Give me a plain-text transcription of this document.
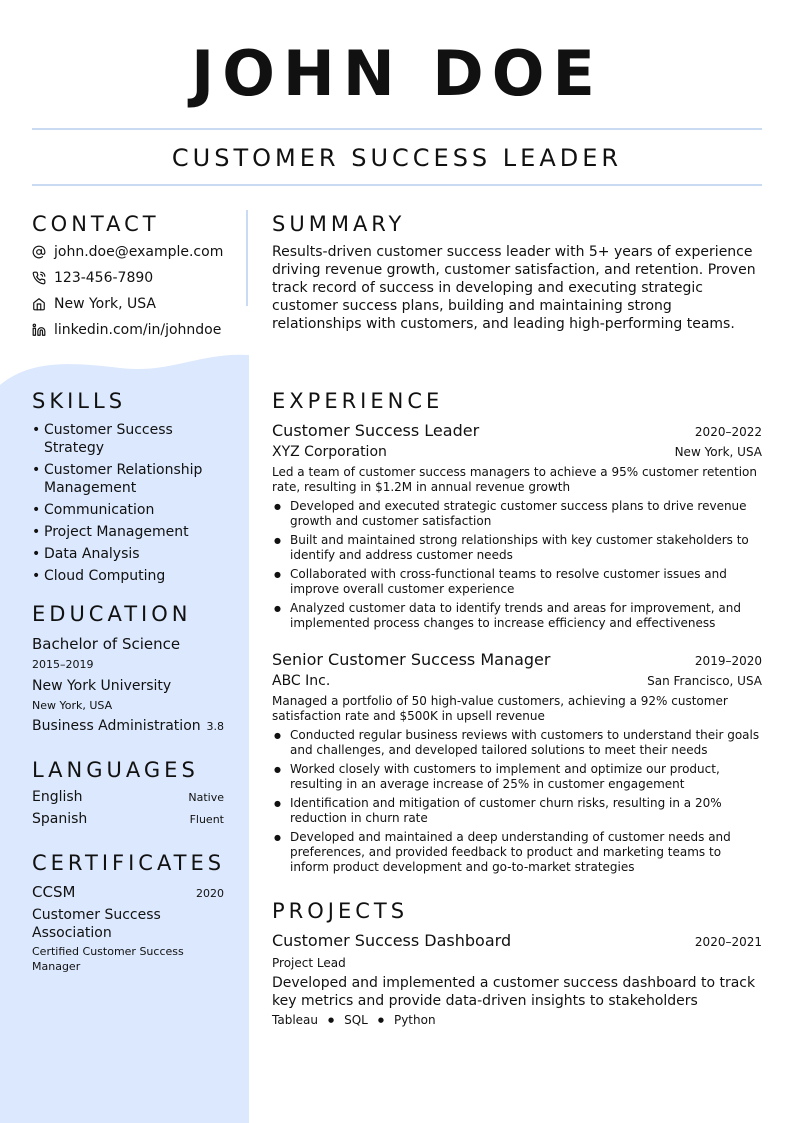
JOHN DOE
CUSTOMER SUCCESS LEADER
CONTACT
john.doe@example.com
123-456-7890
New York, USA
linkedin.com/in/johndoe
SKILLS
• Customer Success Strategy
• Customer Relationship Management
• Communication
• Project Management
• Data Analysis
• Cloud Computing
EDUCATION
Bachelor of Science
2015–2019
New York University
New York, USA
Business Administration 3.8
LANGUAGES
English	Native
Spanish	Fluent
CERTIFICATES
CCSM	2020
Customer Success Association
Certified Customer Success Manager
SUMMARY
Results-driven customer success leader with 5+ years of experience driving revenue growth, customer satisfaction, and retention. Proven track record of success in developing and executing strategic customer success plans, building and maintaining strong relationships with customers, and leading high-performing teams.
EXPERIENCE
Customer Success Leader	2020–2022
XYZ Corporation	New York, USA
Led a team of customer success managers to achieve a 95% customer retention rate, resulting in $1.2M in annual revenue growth
● Developed and executed strategic customer success plans to drive revenue growth and customer satisfaction
● Built and maintained strong relationships with key customer stakeholders to identify and address customer needs
● Collaborated with cross-functional teams to resolve customer issues and improve overall customer experience
● Analyzed customer data to identify trends and areas for improvement, and implemented process changes to increase efficiency and effectiveness
Senior Customer Success Manager	2019–2020
ABC Inc.	San Francisco, USA
Managed a portfolio of 50 high-value customers, achieving a 92% customer satisfaction rate and $500K in upsell revenue
● Conducted regular business reviews with customers to understand their goals and challenges, and developed tailored solutions to meet their needs
● Worked closely with customers to implement and optimize our product, resulting in an average increase of 25% in customer engagement
● Identification and mitigation of customer churn risks, resulting in a 20% reduction in churn rate
● Developed and maintained a deep understanding of customer needs and preferences, and provided feedback to product and marketing teams to inform product development and go-to-market strategies
PROJECTS
Customer Success Dashboard	2020–2021
Project Lead
Developed and implemented a customer success dashboard to track key metrics and provide data-driven insights to stakeholders
Tableau ● SQL ● Python
